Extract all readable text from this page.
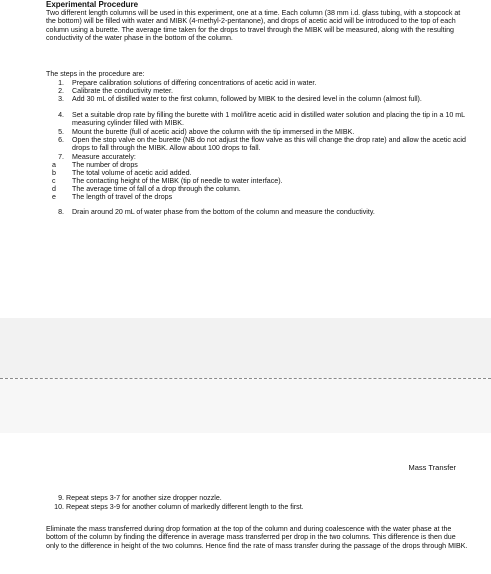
Experimental Procedure
Two different length columns will be used in this experiment, one at a time. Each column (38 mm i.d. glass tubing, with a stopcock at the bottom) will be filled with water and MIBK (4-methyl-2-pentanone), and drops of acetic acid will be introduced to the top of each column using a burette. The average time taken for the drops to travel through the MIBK will be measured, along with the resulting conductivity of the water phase in the bottom of the column.
The steps in the procedure are:
1. Prepare calibration solutions of differing concentrations of acetic acid in water.
2. Calibrate the conductivity meter.
3. Add 30 mL of distilled water to the first column, followed by MIBK to the desired level in the column (almost full).
4. Set a suitable drop rate by filling the burette with 1 mol/litre acetic acid in distilled water solution and placing the tip in a 10 mL measuring cylinder filled with MIBK.
5. Mount the burette (full of acetic acid) above the column with the tip immersed in the MIBK.
6. Open the stop valve on the burette (NB do not adjust the flow valve as this will change the drop rate) and allow the acetic acid drops to fall through the MIBK. Allow about 100 drops to fall.
7. Measure accurately:
a	The number of drops
b	The total volume of acetic acid added.
c	The contacting height of the MIBK (tip of needle to water interface).
d	The average time of fall of a drop through the column.
e	The length of travel of the drops
8. Drain around 20 mL of water phase from the bottom of the column and measure the conductivity.
Mass Transfer
9. Repeat steps 3-7 for another size dropper nozzle.
10. Repeat steps 3-9 for another column of markedly different length to the first.
Eliminate the mass transferred during drop formation at the top of the column and during coalescence with the water phase at the bottom of the column by finding the difference in average mass transferred per drop in the two columns. This difference is then due only to the difference in height of the two columns. Hence find the rate of mass transfer during the passage of the drops through MIBK.
